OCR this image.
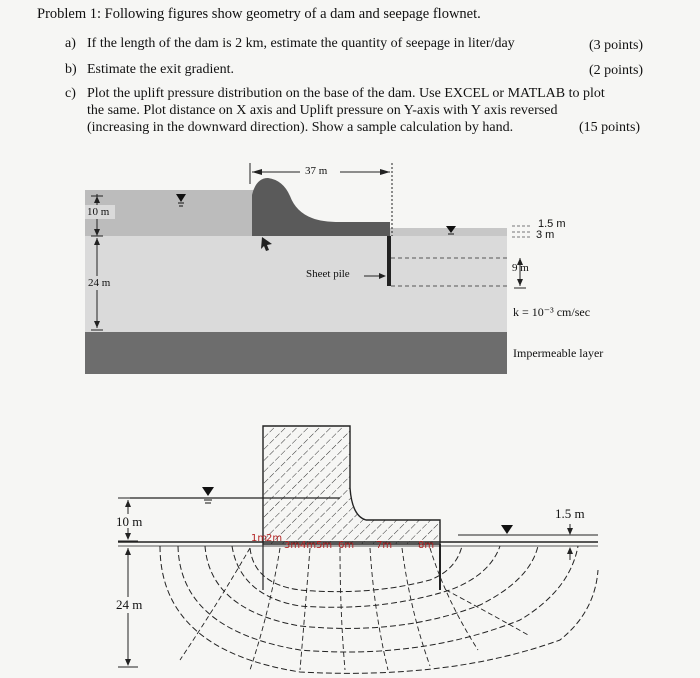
Problem 1: Following figures show geometry of a dam and seepage flownet.
a) If the length of the dam is 2 km, estimate the quantity of seepage in liter/day	(3 points)
b) Estimate the exit gradient.	(2 points)
c) Plot the uplift pressure distribution on the base of the dam. Use EXCEL or MATLAB to plot
the same. Plot distance on X axis and Uplift pressure on Y-axis with Y axis reversed
(increasing in the downward direction). Show a sample calculation by hand.	(15 points)
37 m
10 m
24 m
1.5 m
3 m
9 m
Sheet pile
k = 10⁻³ cm/sec
Impermeable layer
10 m
24 m
1.5 m
1m
2m
3m 4m 5m 6m 7m	8m
